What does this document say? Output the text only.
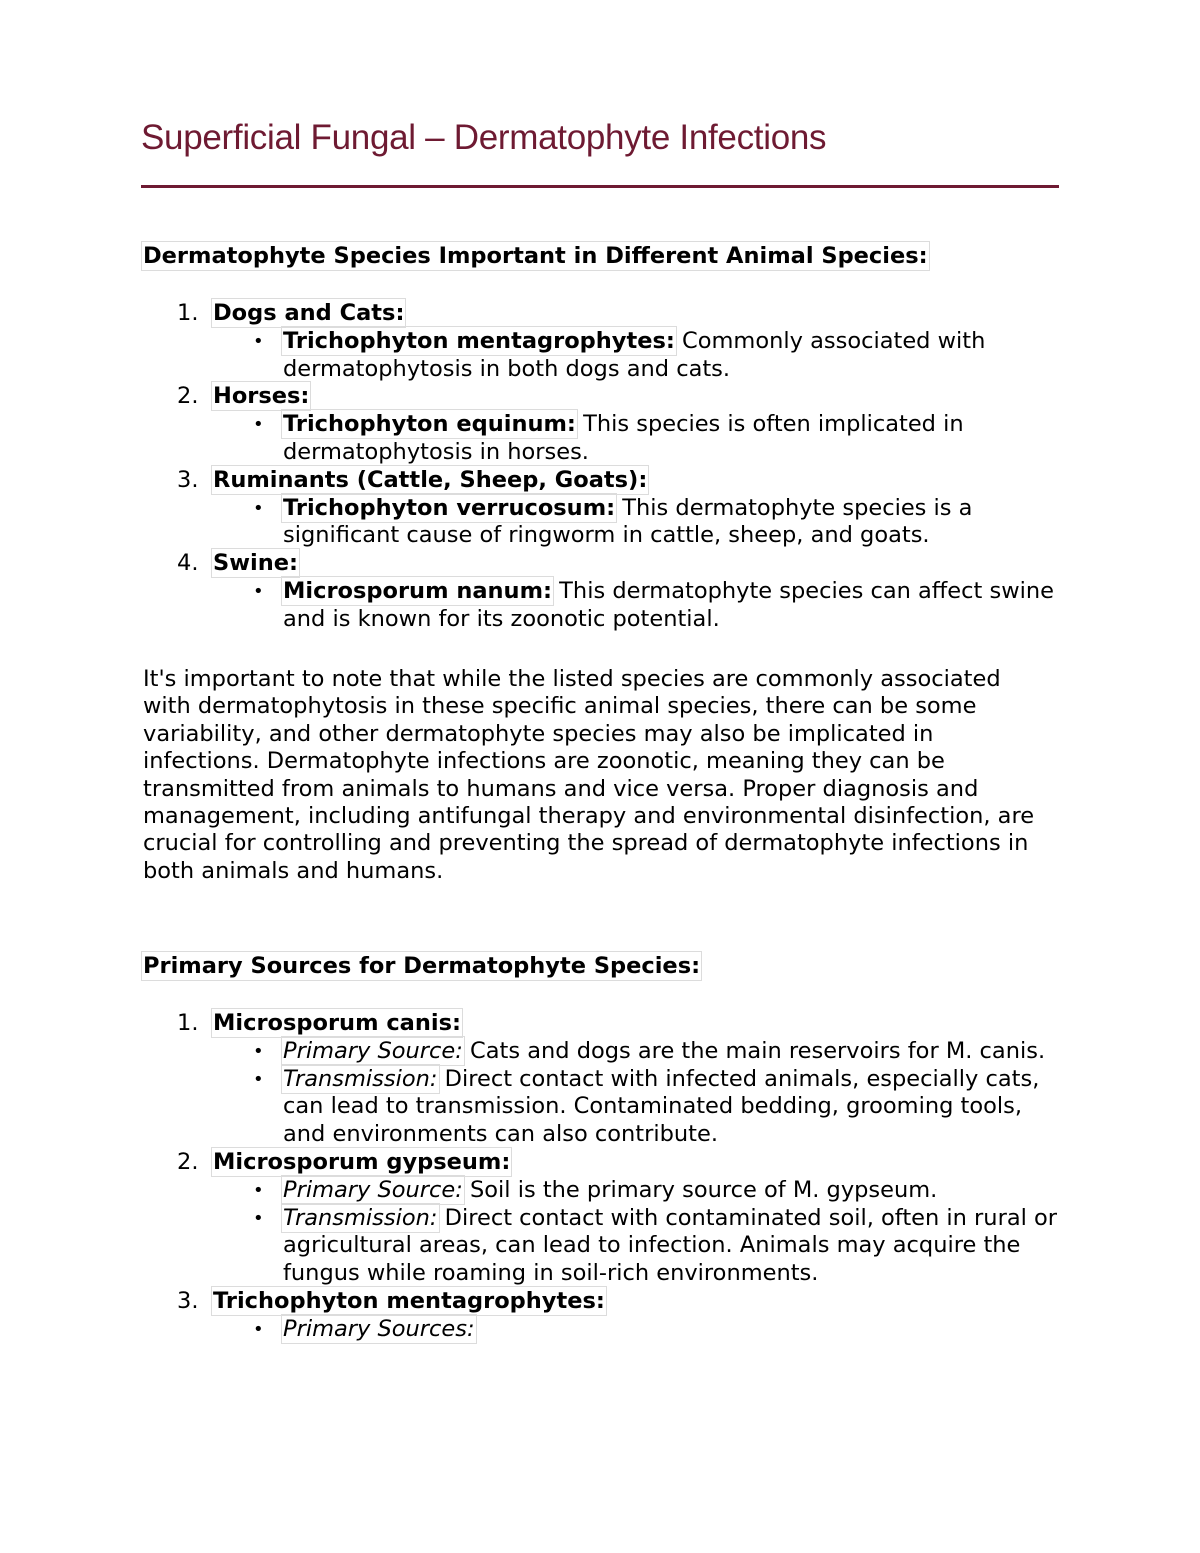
Superficial Fungal – Dermatophyte Infections
Dermatophyte Species Important in Different Animal Species:
1. Dogs and Cats:
• Trichophyton mentagrophytes: Commonly associated with dermatophytosis in both dogs and cats.
2. Horses:
• Trichophyton equinum: This species is often implicated in dermatophytosis in horses.
3. Ruminants (Cattle, Sheep, Goats):
• Trichophyton verrucosum: This dermatophyte species is a significant cause of ringworm in cattle, sheep, and goats.
4. Swine:
• Microsporum nanum: This dermatophyte species can affect swine and is known for its zoonotic potential.

It's important to note that while the listed species are commonly associated with dermatophytosis in these specific animal species, there can be some variability, and other dermatophyte species may also be implicated in infections. Dermatophyte infections are zoonotic, meaning they can be transmitted from animals to humans and vice versa. Proper diagnosis and management, including antifungal therapy and environmental disinfection, are crucial for controlling and preventing the spread of dermatophyte infections in both animals and humans.

Primary Sources for Dermatophyte Species:
1. Microsporum canis:
• Primary Source: Cats and dogs are the main reservoirs for M. canis.
• Transmission: Direct contact with infected animals, especially cats, can lead to transmission. Contaminated bedding, grooming tools, and environments can also contribute.
2. Microsporum gypseum:
• Primary Source: Soil is the primary source of M. gypseum.
• Transmission: Direct contact with contaminated soil, often in rural or agricultural areas, can lead to infection. Animals may acquire the fungus while roaming in soil-rich environments.
3. Trichophyton mentagrophytes:
• Primary Sources:
